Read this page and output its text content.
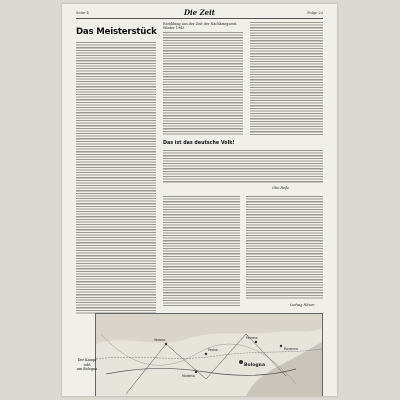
Seite 4	Die Zeit	Folge 23
Das Meisterstück
Erzählung aus der Zeit der Nachkriegszeit. Winter 1943
Das ist das deutsche Volk!
Otto Heße
Ludwig Nitzen
Bologna
Verona
Padua
Modena
Ravenna
Ferrara
Der Kampf
tobt
um Bologna
